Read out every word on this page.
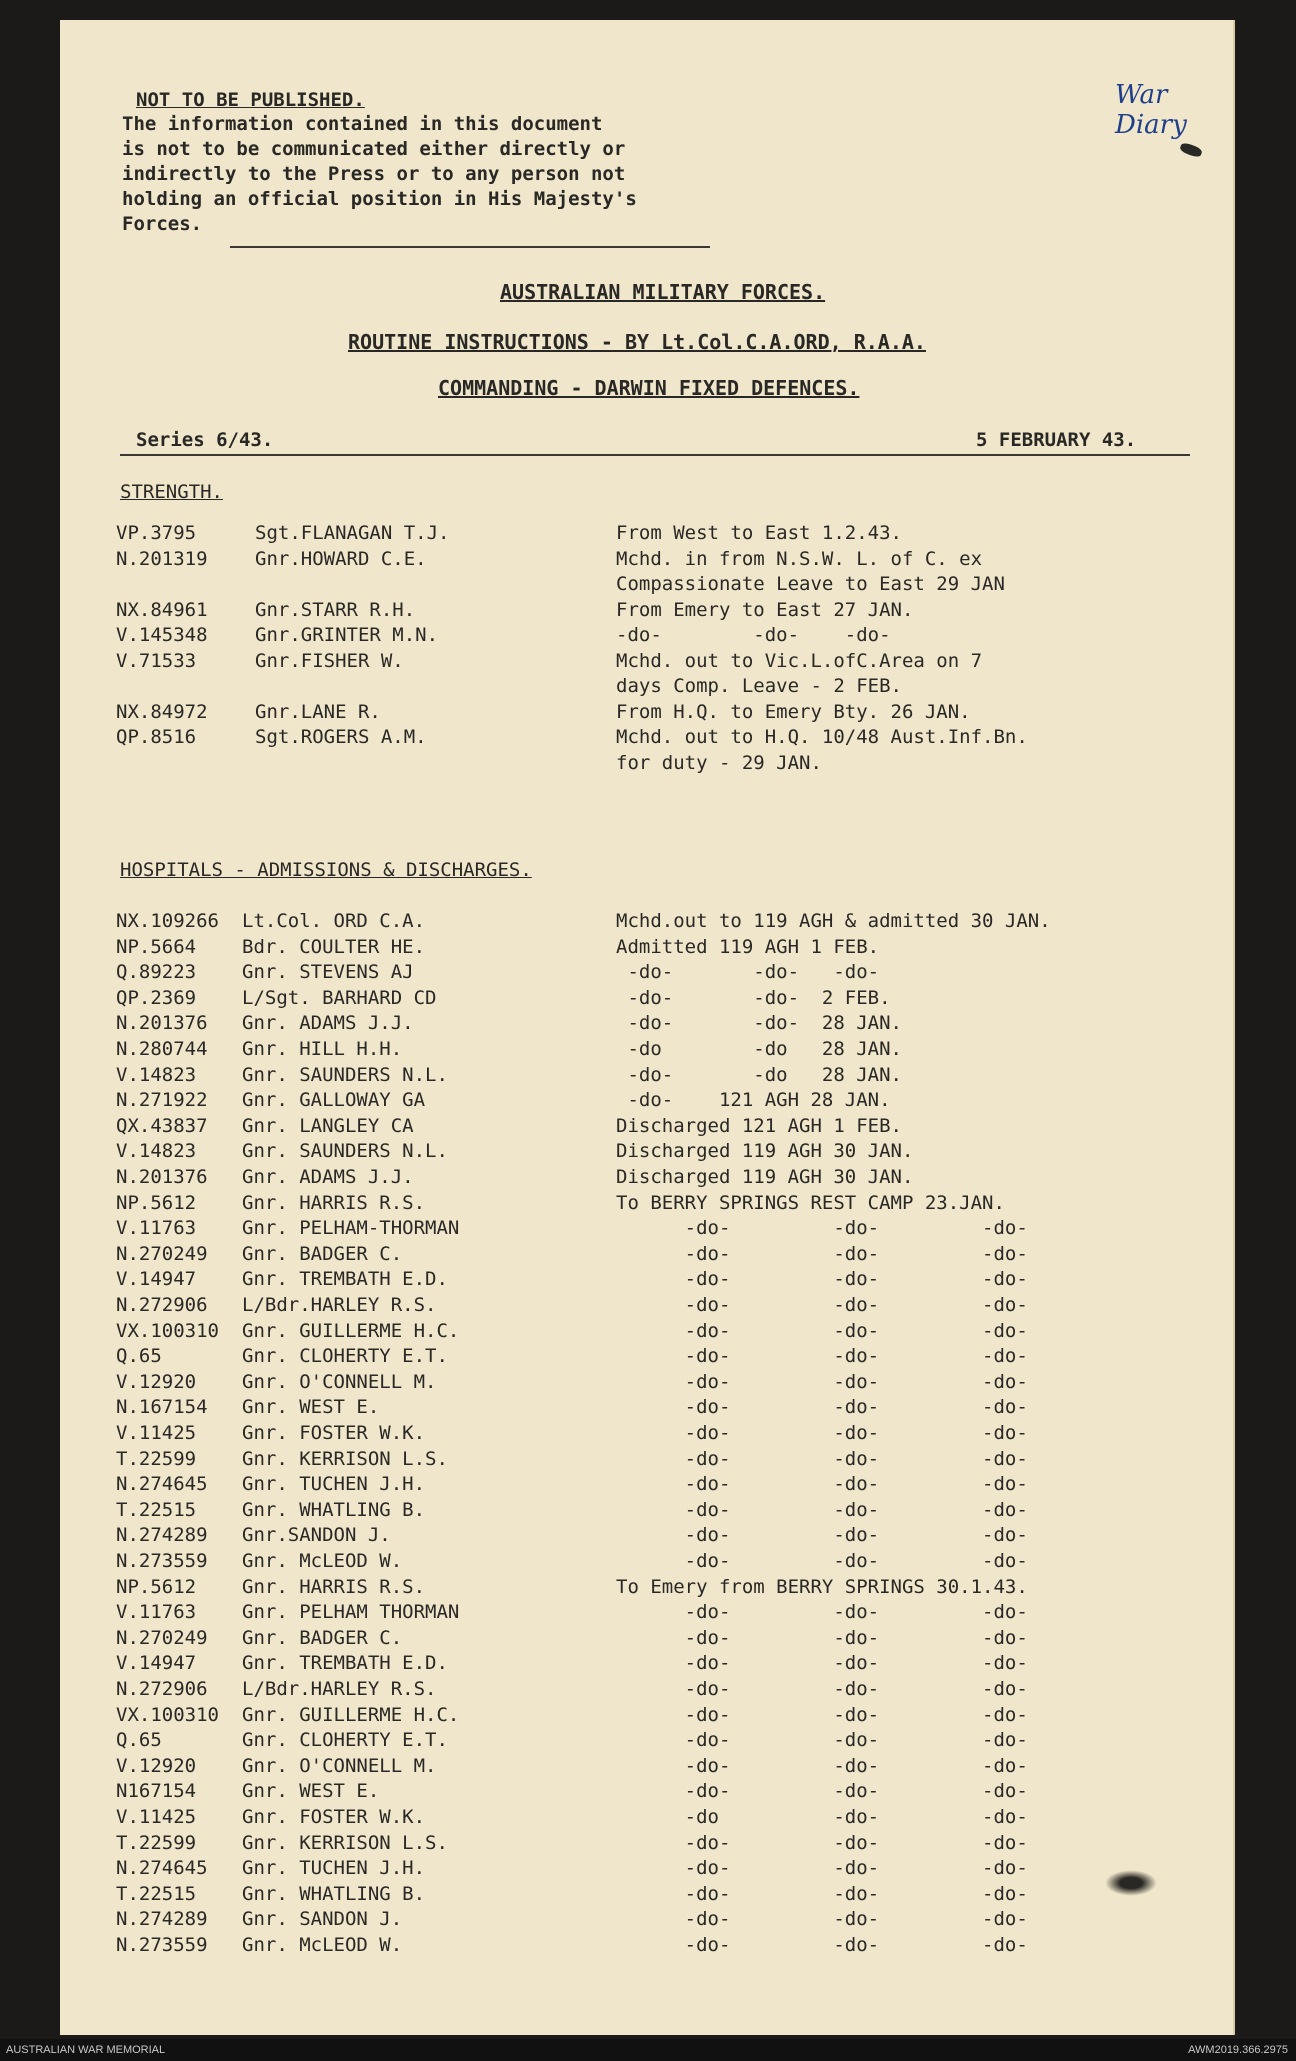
NOT TO BE PUBLISHED.
The information contained in this document
is not to be communicated either directly or
indirectly to the Press or to any person not
holding an official position in His Majesty's
Forces.
War Diary
AUSTRALIAN MILITARY FORCES.
ROUTINE INSTRUCTIONS - BY Lt.Col.C.A.ORD, R.A.A.
COMMANDING - DARWIN FIXED DEFENCES.
Series 6/43.	5 FEBRUARY 43.
STRENGTH.
VP.3795	Sgt.FLANAGAN T.J.	From West to East 1.2.43.
N.201319 Gnr.HOWARD C.E.	Mchd. in from N.S.W. L. of C. ex
Compassionate Leave to East 29 JAN
NX.84961 Gnr.STARR R.H.	From Emery to East 27 JAN.
V.145348 Gnr.GRINTER M.N.	-do-        -do-    -do-
V.71533	Gnr.FISHER W.	Mchd. out to Vic.L.ofC.Area on 7
days Comp. Leave - 2 FEB.
NX.84972 Gnr.LANE R.	From H.Q. to Emery Bty. 26 JAN.
QP.8516	Sgt.ROGERS A.M.	Mchd. out to H.Q. 10/48 Aust.Inf.Bn.
for duty - 29 JAN.
HOSPITALS - ADMISSIONS & DISCHARGES.
NX.109266 Lt.Col. ORD C.A.	Mchd.out to 119 AGH & admitted 30 JAN.
NP.5664 Bdr. COULTER HE.	Admitted 119 AGH 1 FEB.
Q.89223 Gnr. STEVENS AJ	-do-       -do-   -do-
QP.2369 L/Sgt. BARHARD CD	-do-       -do-  2 FEB.
N.201376 Gnr. ADAMS J.J.	-do-       -do-  28 JAN.
N.280744 Gnr. HILL H.H.	-do        -do   28 JAN.
V.14823 Gnr. SAUNDERS N.L.	-do-       -do   28 JAN.
N.271922 Gnr. GALLOWAY GA	-do-    121 AGH 28 JAN.
QX.43837 Gnr. LANGLEY CA	Discharged 121 AGH 1 FEB.
V.14823 Gnr. SAUNDERS N.L.	Discharged 119 AGH 30 JAN.
N.201376 Gnr. ADAMS J.J.	Discharged 119 AGH 30 JAN.
NP.5612 Gnr. HARRIS R.S.	To BERRY SPRINGS REST CAMP 23.JAN.
V.11763 Gnr. PELHAM-THORMAN	-do-         -do-         -do-
N.270249 Gnr. BADGER C.	-do-         -do-         -do-
V.14947 Gnr. TREMBATH E.D.	-do-         -do-         -do-
N.272906 L/Bdr.HARLEY R.S.	-do-         -do-         -do-
VX.100310 Gnr. GUILLERME H.C.	-do-         -do-         -do-
Q.65	Gnr. CLOHERTY E.T.	-do-         -do-         -do-
V.12920 Gnr. O'CONNELL M.	-do-         -do-         -do-
N.167154 Gnr. WEST E.	-do-         -do-         -do-
V.11425 Gnr. FOSTER W.K.	-do-         -do-         -do-
T.22599 Gnr. KERRISON L.S.	-do-         -do-         -do-
N.274645 Gnr. TUCHEN J.H.	-do-         -do-         -do-
T.22515 Gnr. WHATLING B.	-do-         -do-         -do-
N.274289 Gnr.SANDON J.	-do-         -do-         -do-
N.273559 Gnr. McLEOD W.	-do-         -do-         -do-
NP.5612 Gnr. HARRIS R.S.	To Emery from BERRY SPRINGS 30.1.43.
V.11763 Gnr. PELHAM THORMAN	-do-         -do-         -do-
N.270249 Gnr. BADGER C.	-do-         -do-         -do-
V.14947 Gnr. TREMBATH E.D.	-do-         -do-         -do-
N.272906 L/Bdr.HARLEY R.S.	-do-         -do-         -do-
VX.100310 Gnr. GUILLERME H.C.	-do-         -do-         -do-
Q.65	Gnr. CLOHERTY E.T.	-do-         -do-         -do-
V.12920 Gnr. O'CONNELL M.	-do-         -do-         -do-
N167154 Gnr. WEST E.	-do-         -do-         -do-
V.11425 Gnr. FOSTER W.K.	-do          -do-         -do-
T.22599 Gnr. KERRISON L.S.	-do-         -do-         -do-
N.274645 Gnr. TUCHEN J.H.	-do-         -do-         -do-
T.22515 Gnr. WHATLING B.	-do-         -do-         -do-
N.274289 Gnr. SANDON J.	-do-         -do-         -do-
N.273559 Gnr. McLEOD W.	-do-         -do-         -do-
AUSTRALIAN WAR MEMORIAL	AWM2019.366.2975
